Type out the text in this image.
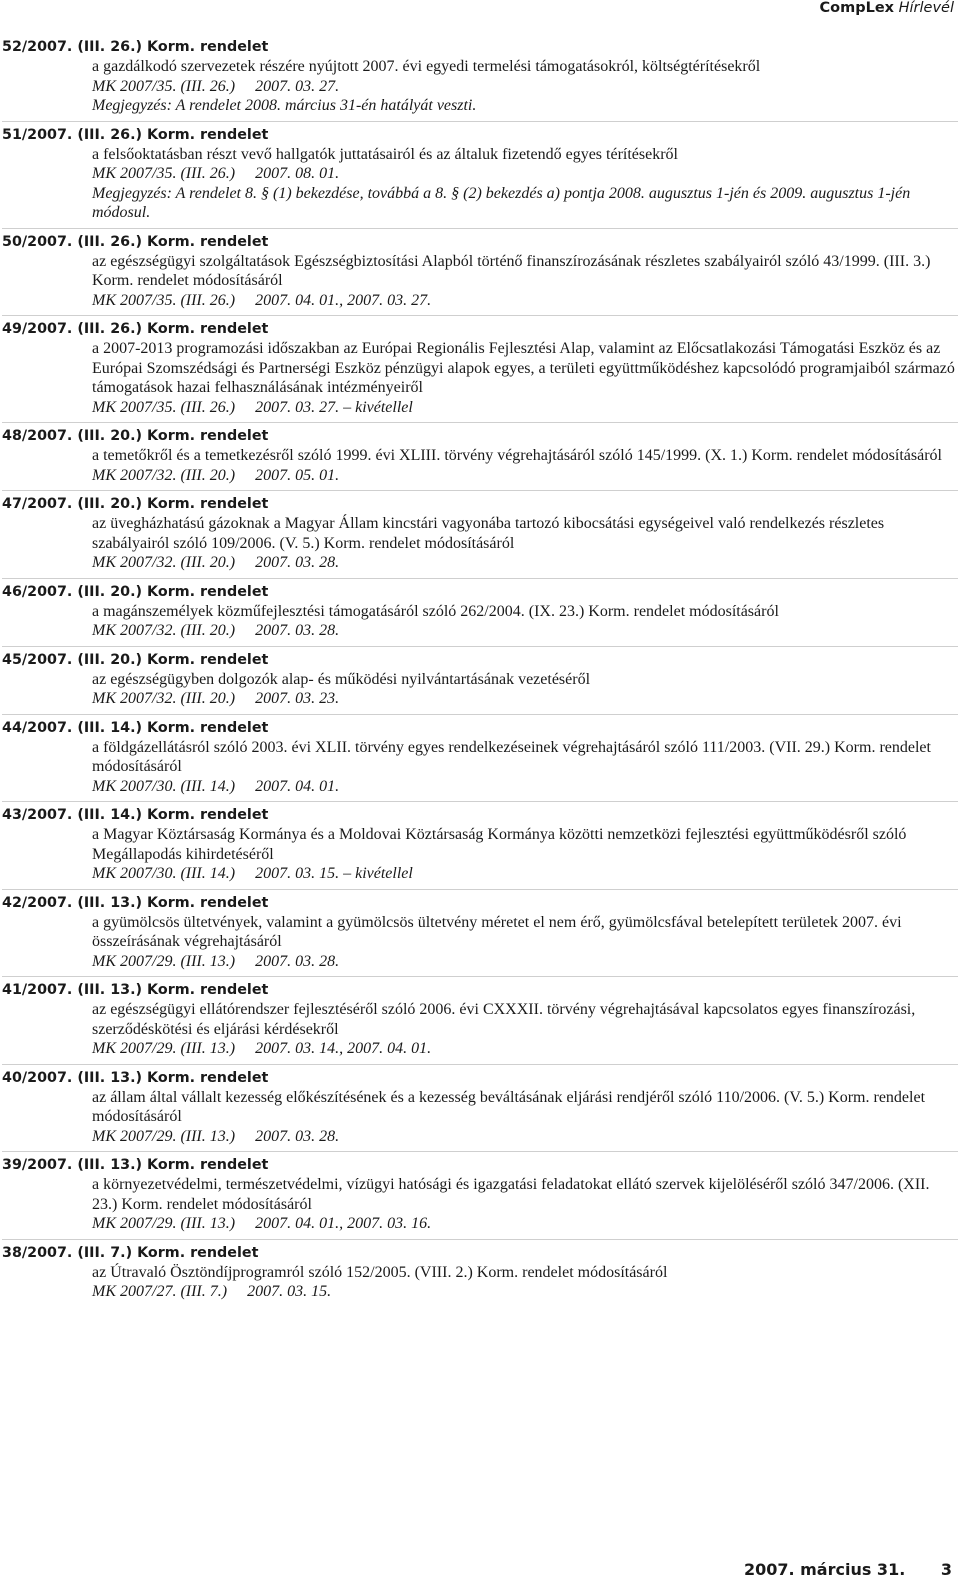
CompLex Hírlevél
52/2007. (III. 26.) Korm. rendelet
a gazdálkodó szervezetek részére nyújtott 2007. évi egyedi termelési támogatásokról, költségtérítésekről
MK 2007/35. (III. 26.)     2007. 03. 27.
Megjegyzés: A rendelet 2008. március 31-én hatályát veszti.
51/2007. (III. 26.) Korm. rendelet
a felsőoktatásban részt vevő hallgatók juttatásairól és az általuk fizetendő egyes térítésekről
MK 2007/35. (III. 26.)     2007. 08. 01.
Megjegyzés: A rendelet 8. § (1) bekezdése, továbbá a 8. § (2) bekezdés a) pontja 2008. augusztus 1-jén és 2009. augusztus 1-jén módosul.
50/2007. (III. 26.) Korm. rendelet
az egészségügyi szolgáltatások Egészségbiztosítási Alapból történő finanszírozásának részletes szabályairól szóló 43/1999. (III. 3.) Korm. rendelet módosításáról
MK 2007/35. (III. 26.)     2007. 04. 01., 2007. 03. 27.
49/2007. (III. 26.) Korm. rendelet
a 2007-2013 programozási időszakban az Európai Regionális Fejlesztési Alap, valamint az Előcsatlakozási Támogatási Eszköz és az Európai Szomszédsági és Partnerségi Eszköz pénzügyi alapok egyes, a területi együttműködéshez kapcsolódó programjaiból származó támogatások hazai felhasználásának intézményeiről
MK 2007/35. (III. 26.)     2007. 03. 27. – kivétellel
48/2007. (III. 20.) Korm. rendelet
a temetőkről és a temetkezésről szóló 1999. évi XLIII. törvény végrehajtásáról szóló 145/1999. (X. 1.) Korm. rendelet módosításáról
MK 2007/32. (III. 20.)     2007. 05. 01.
47/2007. (III. 20.) Korm. rendelet
az üvegházhatású gázoknak a Magyar Állam kincstári vagyonába tartozó kibocsátási egységeivel való rendelkezés részletes szabályairól szóló 109/2006. (V. 5.) Korm. rendelet módosításáról
MK 2007/32. (III. 20.)     2007. 03. 28.
46/2007. (III. 20.) Korm. rendelet
a magánszemélyek közműfejlesztési támogatásáról szóló 262/2004. (IX. 23.) Korm. rendelet módosításáról
MK 2007/32. (III. 20.)     2007. 03. 28.
45/2007. (III. 20.) Korm. rendelet
az egészségügyben dolgozók alap- és működési nyilvántartásának vezetéséről
MK 2007/32. (III. 20.)     2007. 03. 23.
44/2007. (III. 14.) Korm. rendelet
a földgázellátásról szóló 2003. évi XLII. törvény egyes rendelkezéseinek végrehajtásáról szóló 111/2003. (VII. 29.) Korm. rendelet módosításáról
MK 2007/30. (III. 14.)     2007. 04. 01.
43/2007. (III. 14.) Korm. rendelet
a Magyar Köztársaság Kormánya és a Moldovai Köztársaság Kormánya közötti nemzetközi fejlesztési együttműködésről szóló Megállapodás kihirdetéséről
MK 2007/30. (III. 14.)     2007. 03. 15. – kivétellel
42/2007. (III. 13.) Korm. rendelet
a gyümölcsös ültetvények, valamint a gyümölcsös ültetvény méretet el nem érő, gyümölcsfával betelepített területek 2007. évi összeírásának végrehajtásáról
MK 2007/29. (III. 13.)     2007. 03. 28.
41/2007. (III. 13.) Korm. rendelet
az egészségügyi ellátórendszer fejlesztéséről szóló 2006. évi CXXXII. törvény végrehajtásával kapcsolatos egyes finanszírozási, szerződéskötési és eljárási kérdésekről
MK 2007/29. (III. 13.)     2007. 03. 14., 2007. 04. 01.
40/2007. (III. 13.) Korm. rendelet
az állam által vállalt kezesség előkészítésének és a kezesség beváltásának eljárási rendjéről szóló 110/2006. (V. 5.) Korm. rendelet módosításáról
MK 2007/29. (III. 13.)     2007. 03. 28.
39/2007. (III. 13.) Korm. rendelet
a környezetvédelmi, természetvédelmi, vízügyi hatósági és igazgatási feladatokat ellátó szervek kijelöléséről szóló 347/2006. (XII. 23.) Korm. rendelet módosításáról
MK 2007/29. (III. 13.)     2007. 04. 01., 2007. 03. 16.
38/2007. (III. 7.) Korm. rendelet
az Útravaló Ösztöndíjprogramról szóló 152/2005. (VIII. 2.) Korm. rendelet módosításáról
MK 2007/27. (III. 7.)     2007. 03. 15.
2007. március 31. 3
